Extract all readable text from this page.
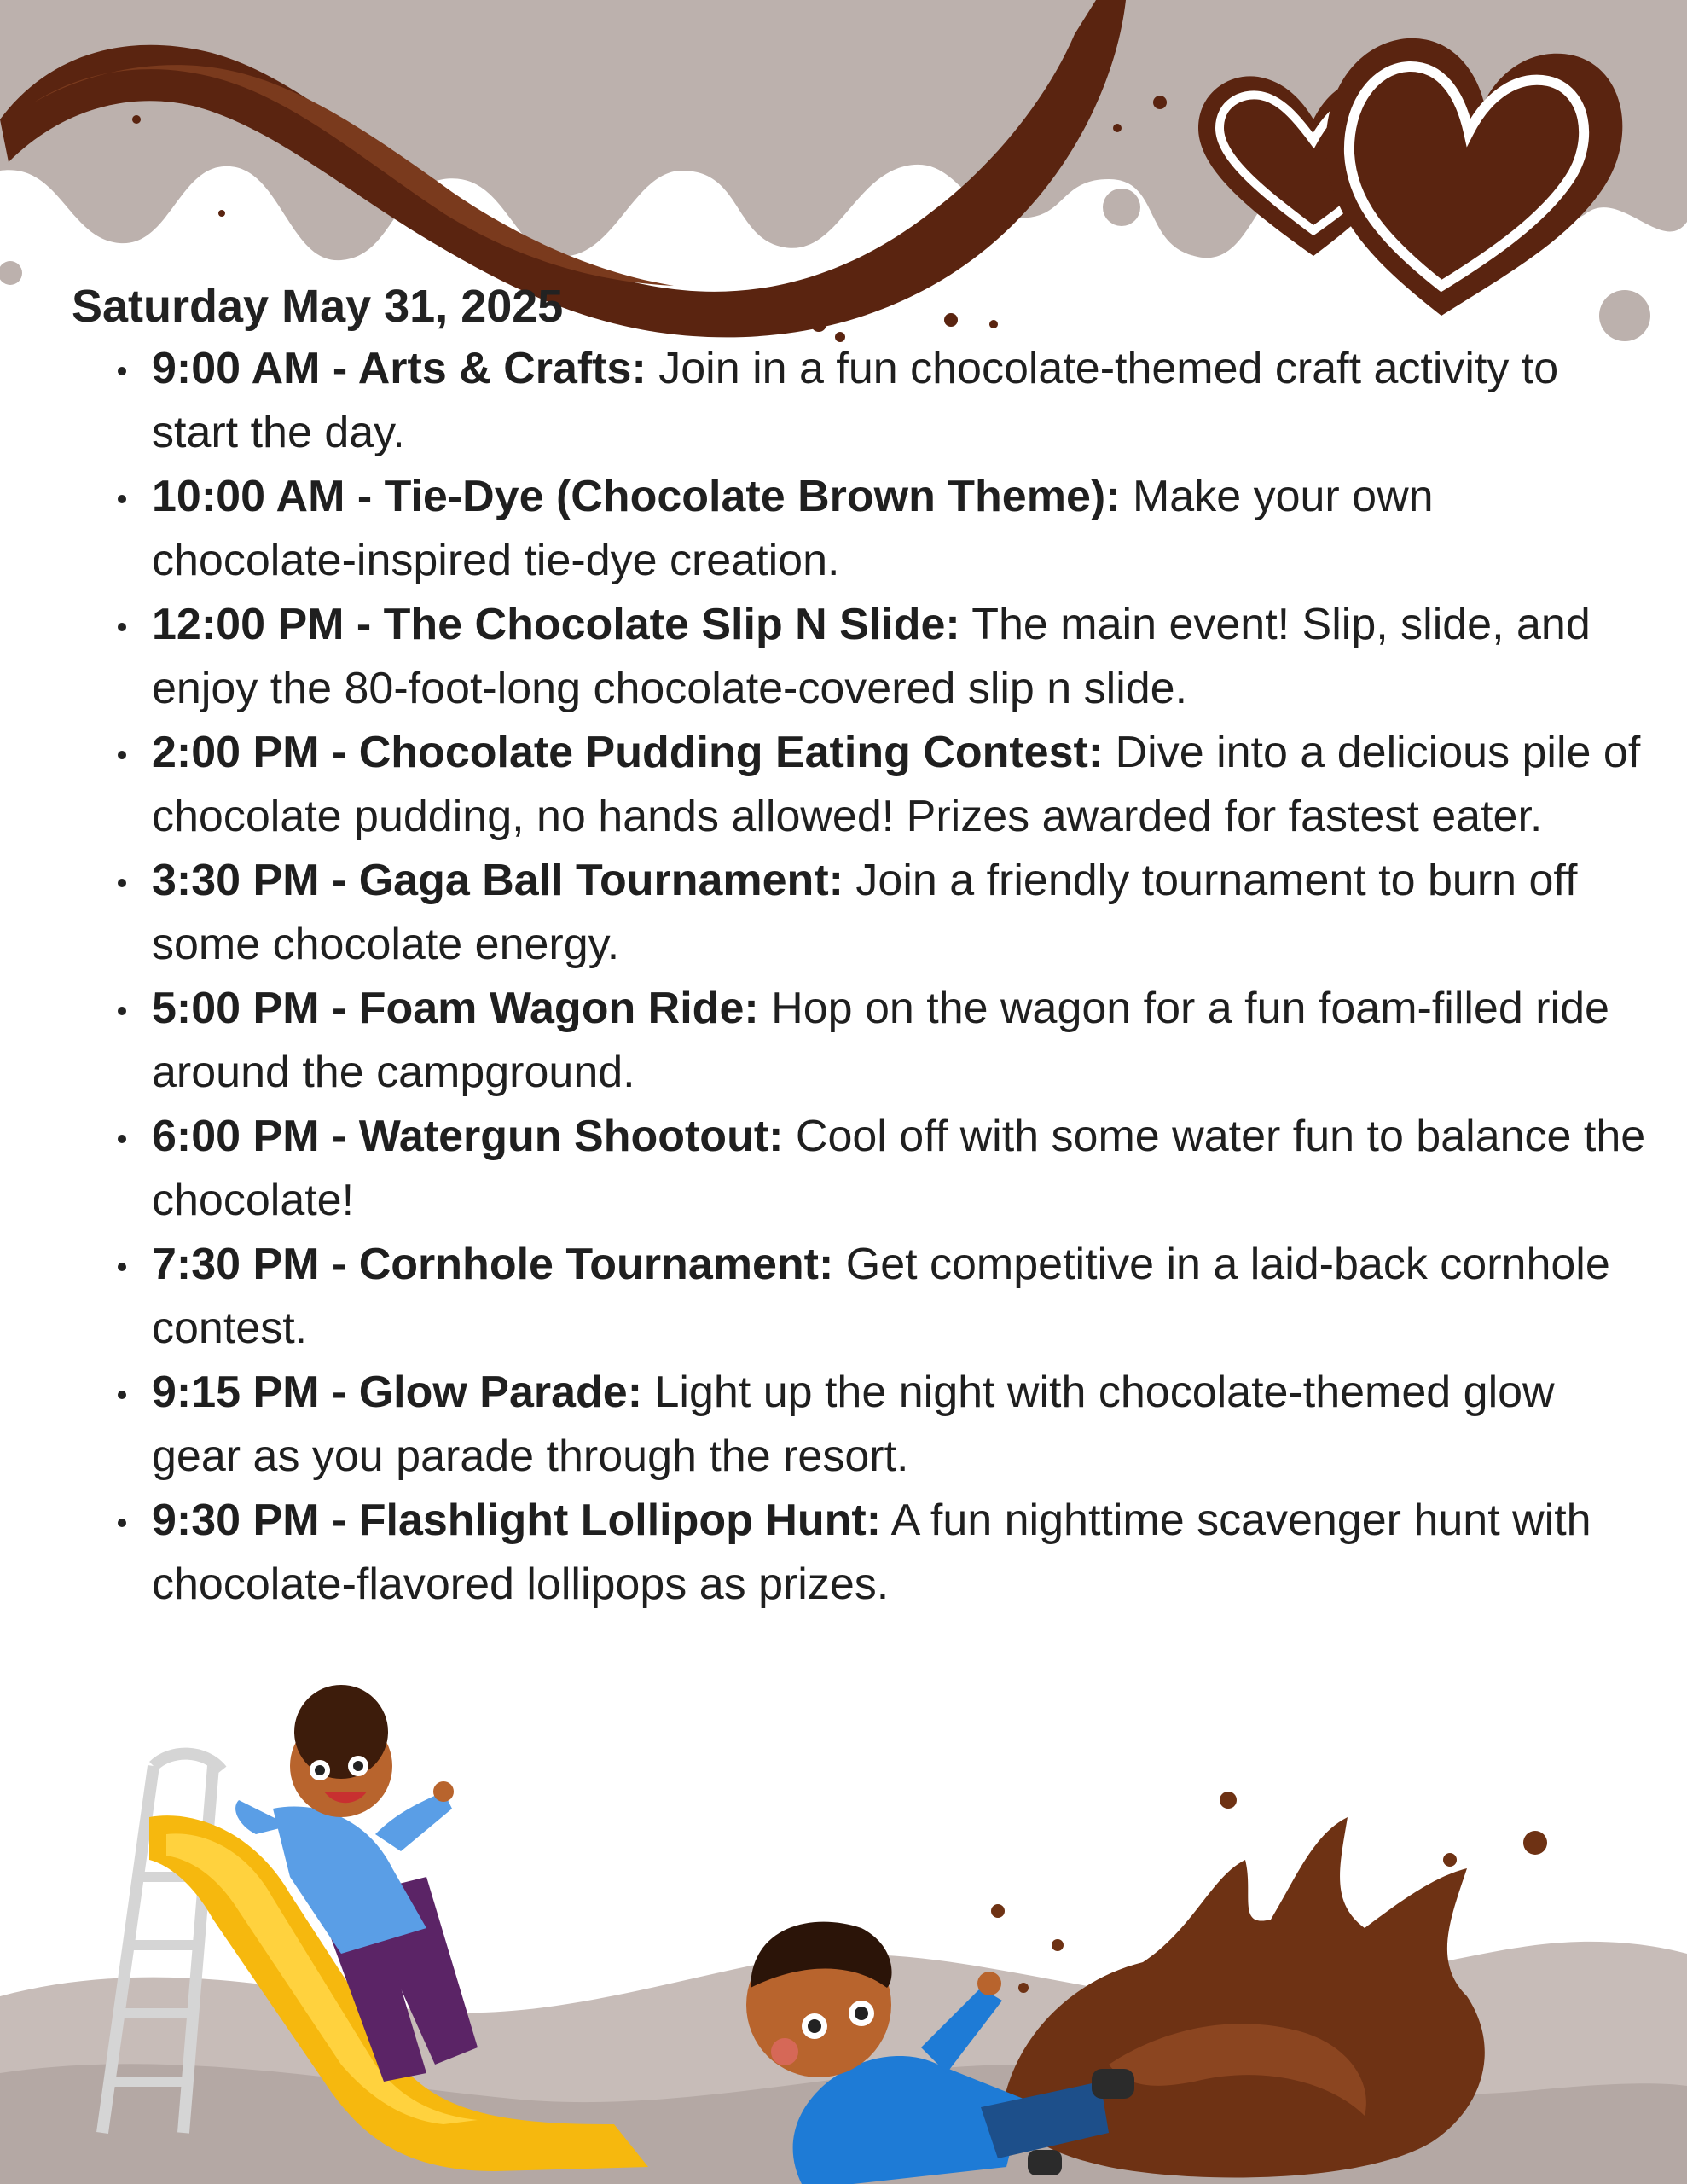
Saturday May 31, 2025
9:00 AM - Arts & Crafts: Join in a fun chocolate-themed craft activity to start the day.
10:00 AM - Tie-Dye (Chocolate Brown Theme): Make your own chocolate-inspired tie-dye creation.
12:00 PM - The Chocolate Slip N Slide: The main event! Slip, slide, and enjoy the 80-foot-long chocolate-covered slip n slide.
2:00 PM - Chocolate Pudding Eating Contest: Dive into a delicious pile of chocolate pudding, no hands allowed! Prizes awarded for fastest eater.
3:30 PM - Gaga Ball Tournament: Join a friendly tournament to burn off some chocolate energy.
5:00 PM - Foam Wagon Ride: Hop on the wagon for a fun foam-filled ride around the campground.
6:00 PM - Watergun Shootout: Cool off with some water fun to balance the chocolate!
7:30 PM - Cornhole Tournament: Get competitive in a laid-back cornhole contest.
9:15 PM - Glow Parade: Light up the night with chocolate-themed glow gear as you parade through the resort.
9:30 PM - Flashlight Lollipop Hunt: A fun nighttime scavenger hunt with chocolate-flavored lollipops as prizes.
